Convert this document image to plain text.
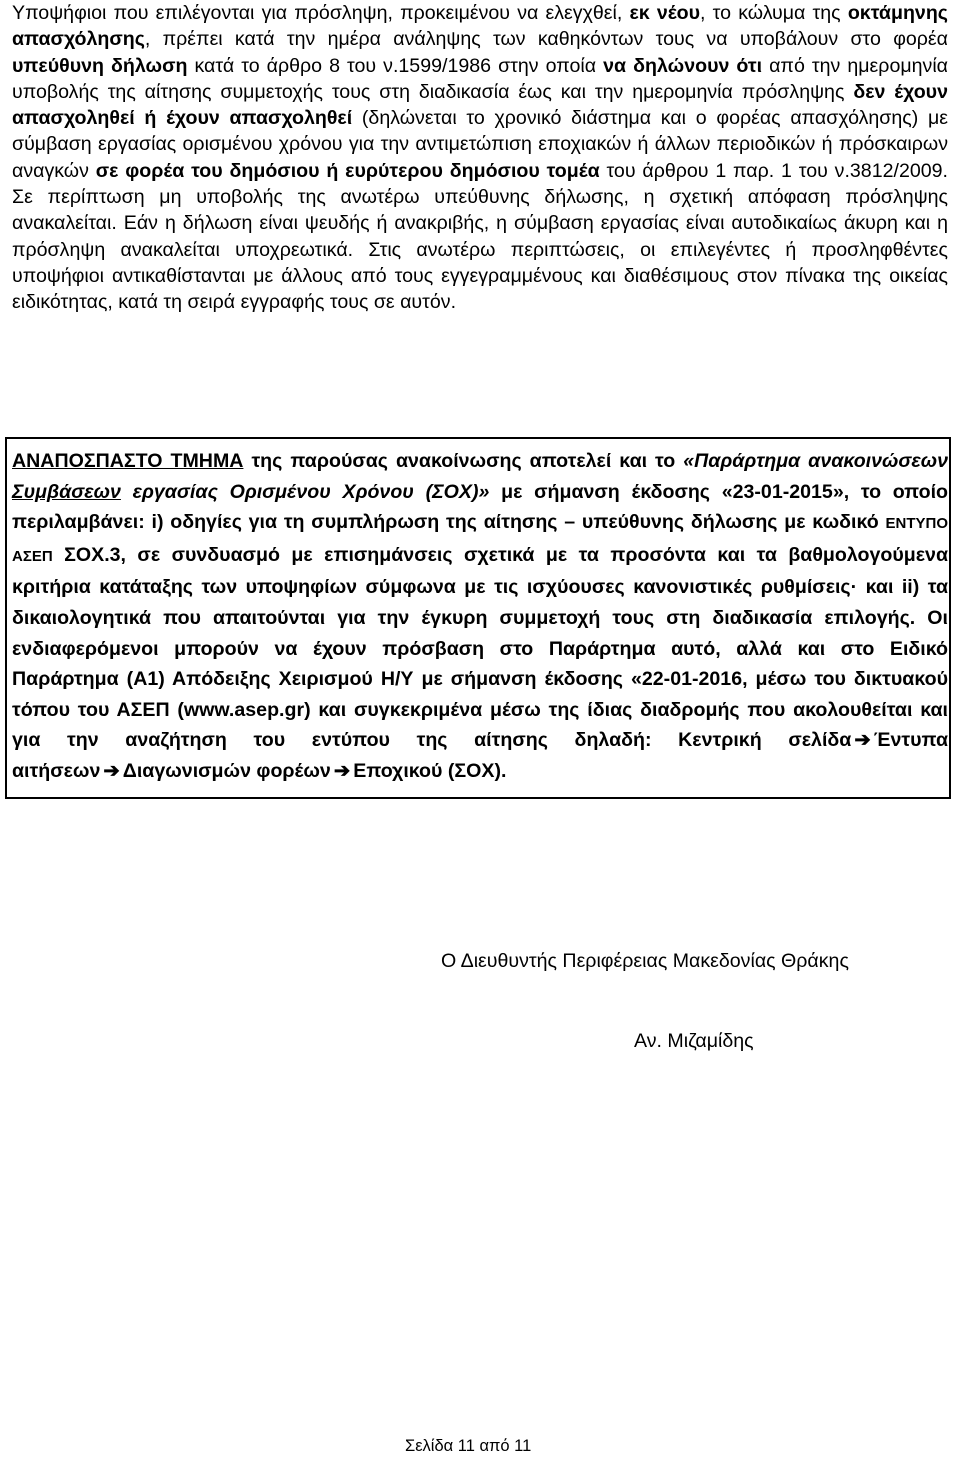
Υποψήφιοι που επιλέγονται για πρόσληψη, προκειμένου να ελεγχθεί, εκ νέου, το κώλυμα της οκτάμηνης απασχόλησης, πρέπει κατά την ημέρα ανάληψης των καθηκόντων τους να υποβάλουν στο φορέα υπεύθυνη δήλωση κατά το άρθρο 8 του ν.1599/1986 στην οποία να δηλώνουν ότι από την ημερομηνία υποβολής της αίτησης συμμετοχής τους στη διαδικασία έως και την ημερομηνία πρόσληψης δεν έχουν απασχοληθεί ή έχουν απασχοληθεί (δηλώνεται το χρονικό διάστημα και ο φορέας απασχόλησης) με σύμβαση εργασίας ορισμένου χρόνου για την αντιμετώπιση εποχιακών ή άλλων περιοδικών ή πρόσκαιρων αναγκών σε φορέα του δημόσιου ή ευρύτερου δημόσιου τομέα του άρθρου 1 παρ. 1 του ν.3812/2009. Σε περίπτωση μη υποβολής της ανωτέρω υπεύθυνης δήλωσης, η σχετική απόφαση πρόσληψης ανακαλείται. Εάν η δήλωση είναι ψευδής ή ανακριβής, η σύμβαση εργασίας είναι αυτοδικαίως άκυρη και η πρόσληψη ανακαλείται υποχρεωτικά. Στις ανωτέρω περιπτώσεις, οι επιλεγέντες ή προσληφθέντες υποψήφιοι αντικαθίστανται με άλλους από τους εγγεγραμμένους και διαθέσιμους στον πίνακα της οικείας ειδικότητας, κατά τη σειρά εγγραφής τους σε αυτόν.
ΑΝΑΠΟΣΠΑΣΤΟ ΤΜΗΜΑ της παρούσας ανακοίνωσης αποτελεί και το «Παράρτημα ανακοινώσεων Συμβάσεων εργασίας Ορισμένου Χρόνου (ΣΟΧ)» με σήμανση έκδοσης «23-01-2015», το οποίο περιλαμβάνει: i) οδηγίες για τη συμπλήρωση της αίτησης – υπεύθυνης δήλωσης με κωδικό ΕΝΤΥΠΟ ΑΣΕΠ ΣΟΧ.3, σε συνδυασμό με επισημάνσεις σχετικά με τα προσόντα και τα βαθμολογούμενα κριτήρια κατάταξης των υποψηφίων σύμφωνα με τις ισχύουσες κανονιστικές ρυθμίσεις· και ii) τα δικαιολογητικά που απαιτούνται για την έγκυρη συμμετοχή τους στη διαδικασία επιλογής. Οι ενδιαφερόμενοι μπορούν να έχουν πρόσβαση στο Παράρτημα αυτό, αλλά και στο Ειδικό Παράρτημα (Α1) Απόδειξης Χειρισμού Η/Υ με σήμανση έκδοσης «22-01-2016, μέσω του δικτυακού τόπου του ΑΣΕΠ (www.asep.gr) και συγκεκριμένα μέσω της ίδιας διαδρομής που ακολουθείται και για την αναζήτηση του εντύπου της αίτησης δηλαδή: Κεντρική σελίδα ➔ Έντυπα αιτήσεων ➔ Διαγωνισμών φορέων ➔ Εποχικού (ΣΟΧ).
Ο Διευθυντής Περιφέρειας Μακεδονίας Θράκης
Αν. Μιζαμίδης
Σελίδα 11 από 11
